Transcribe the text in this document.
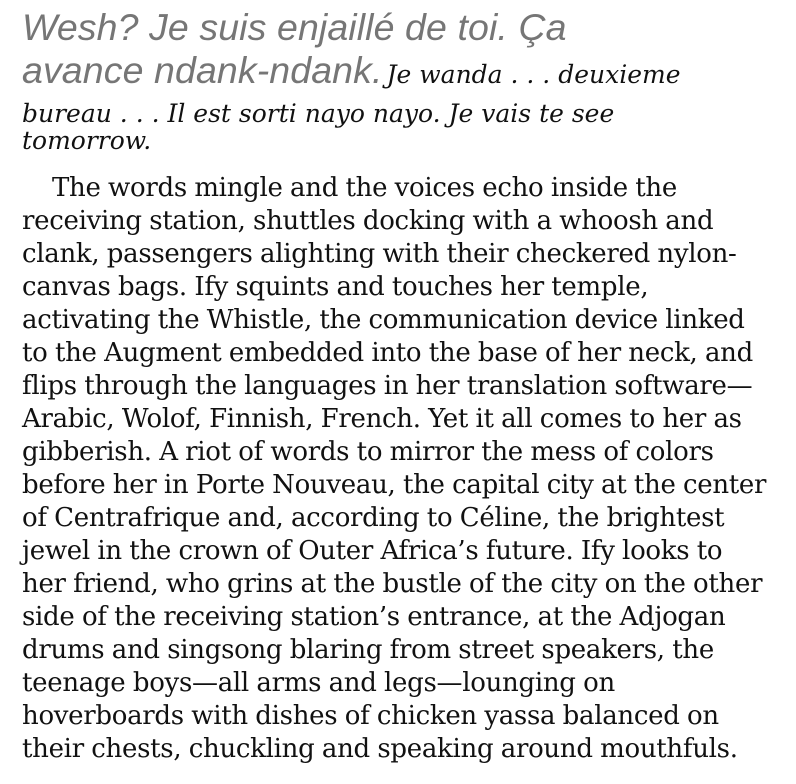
Wesh? Je suis enjaillé de toi. Ça
avance ndank-ndank. Je wanda . . . deuxieme
bureau . . . Il est sorti nayo nayo. Je vais te see
tomorrow.

The words mingle and the voices echo inside the
receiving station, shuttles docking with a whoosh and
clank, passengers alighting with their checkered nylon-
canvas bags. Ify squints and touches her temple,
activating the Whistle, the communication device linked
to the Augment embedded into the base of her neck, and
flips through the languages in her translation software—
Arabic, Wolof, Finnish, French. Yet it all comes to her as
gibberish. A riot of words to mirror the mess of colors
before her in Porte Nouveau, the capital city at the center
of Centrafrique and, according to Céline, the brightest
jewel in the crown of Outer Africa’s future. Ify looks to
her friend, who grins at the bustle of the city on the other
side of the receiving station’s entrance, at the Adjogan
drums and singsong blaring from street speakers, the
teenage boys—all arms and legs—lounging on
hoverboards with dishes of chicken yassa balanced on
their chests, chuckling and speaking around mouthfuls.
